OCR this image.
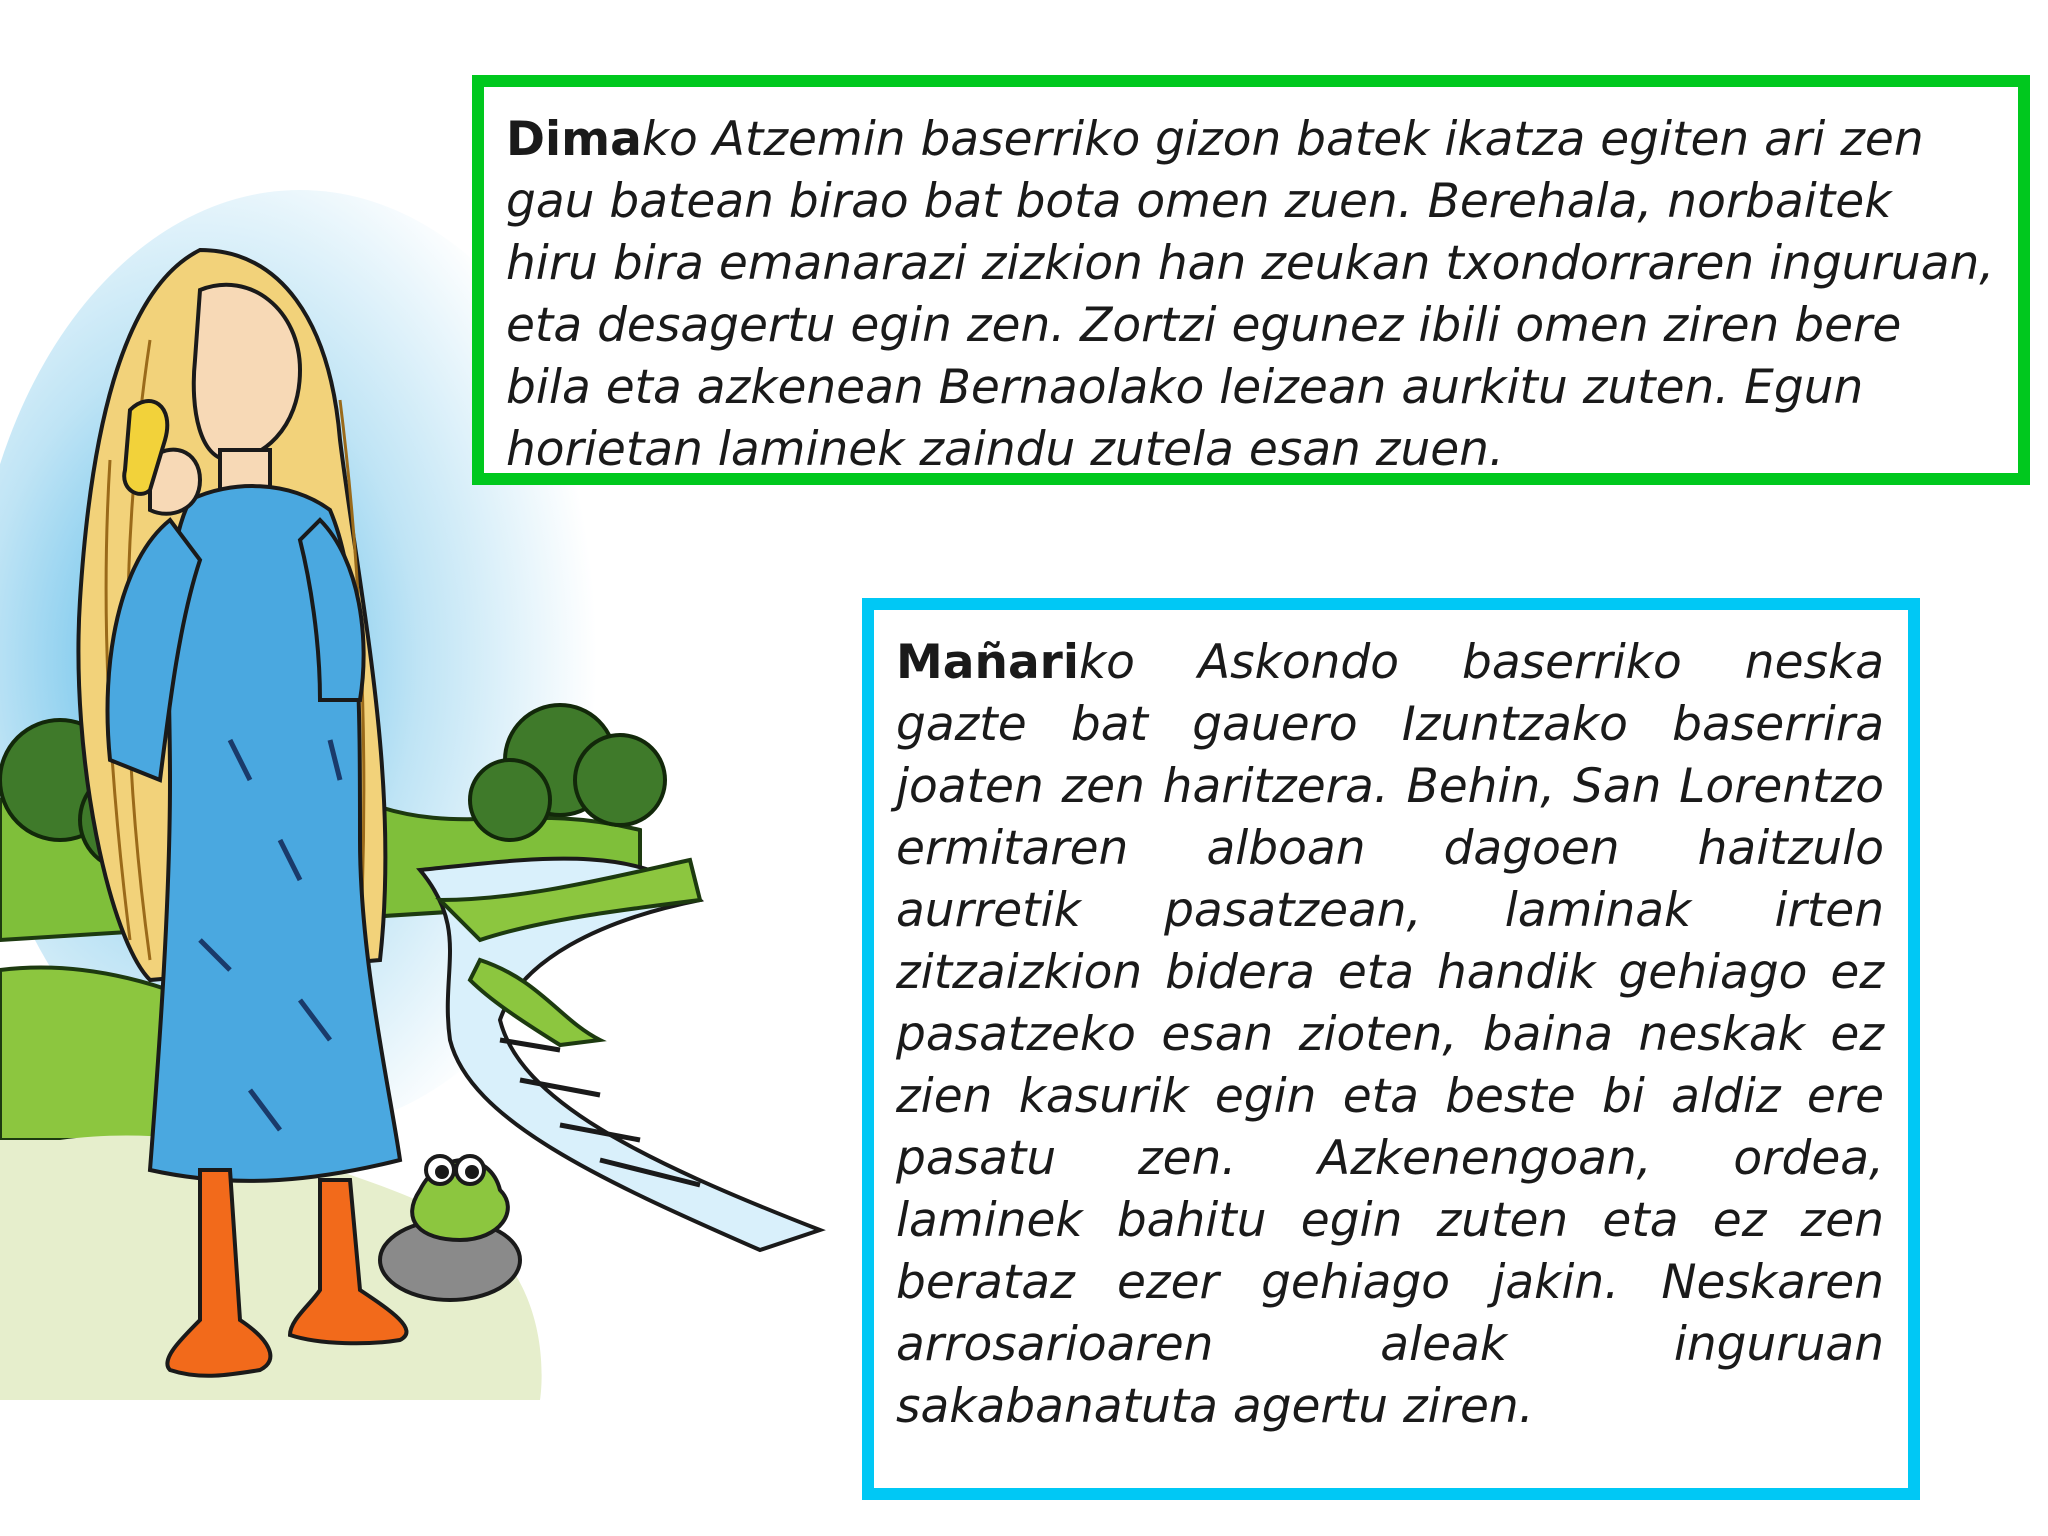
Dimako Atzemin baserriko gizon batek ikatza egiten ari zen gau batean birao bat bota omen zuen. Berehala, norbaitek hiru bira emanarazi zizkion han zeukan txondorraren inguruan, eta desagertu egin zen. Zortzi egunez ibili omen ziren bere bila eta azkenean Bernaolako leizean aurkitu zuten. Egun horietan laminek zaindu zutela esan zuen.
Mañariko Askondo baserriko neska gazte bat gauero Izuntzako baserrira joaten zen haritzera. Behin, San Lorentzo ermitaren alboan dagoen haitzulo aurretik pasatzean, laminak irten zitzaizkion bidera eta handik gehiago ez pasatzeko esan zioten, baina neskak ez zien kasurik egin eta beste bi aldiz ere pasatu zen. Azkenengoan, ordea, laminek bahitu egin zuten eta ez zen berataz ezer gehiago jakin. Neskaren arrosarioaren aleak inguruan sakabanatuta agertu ziren.
